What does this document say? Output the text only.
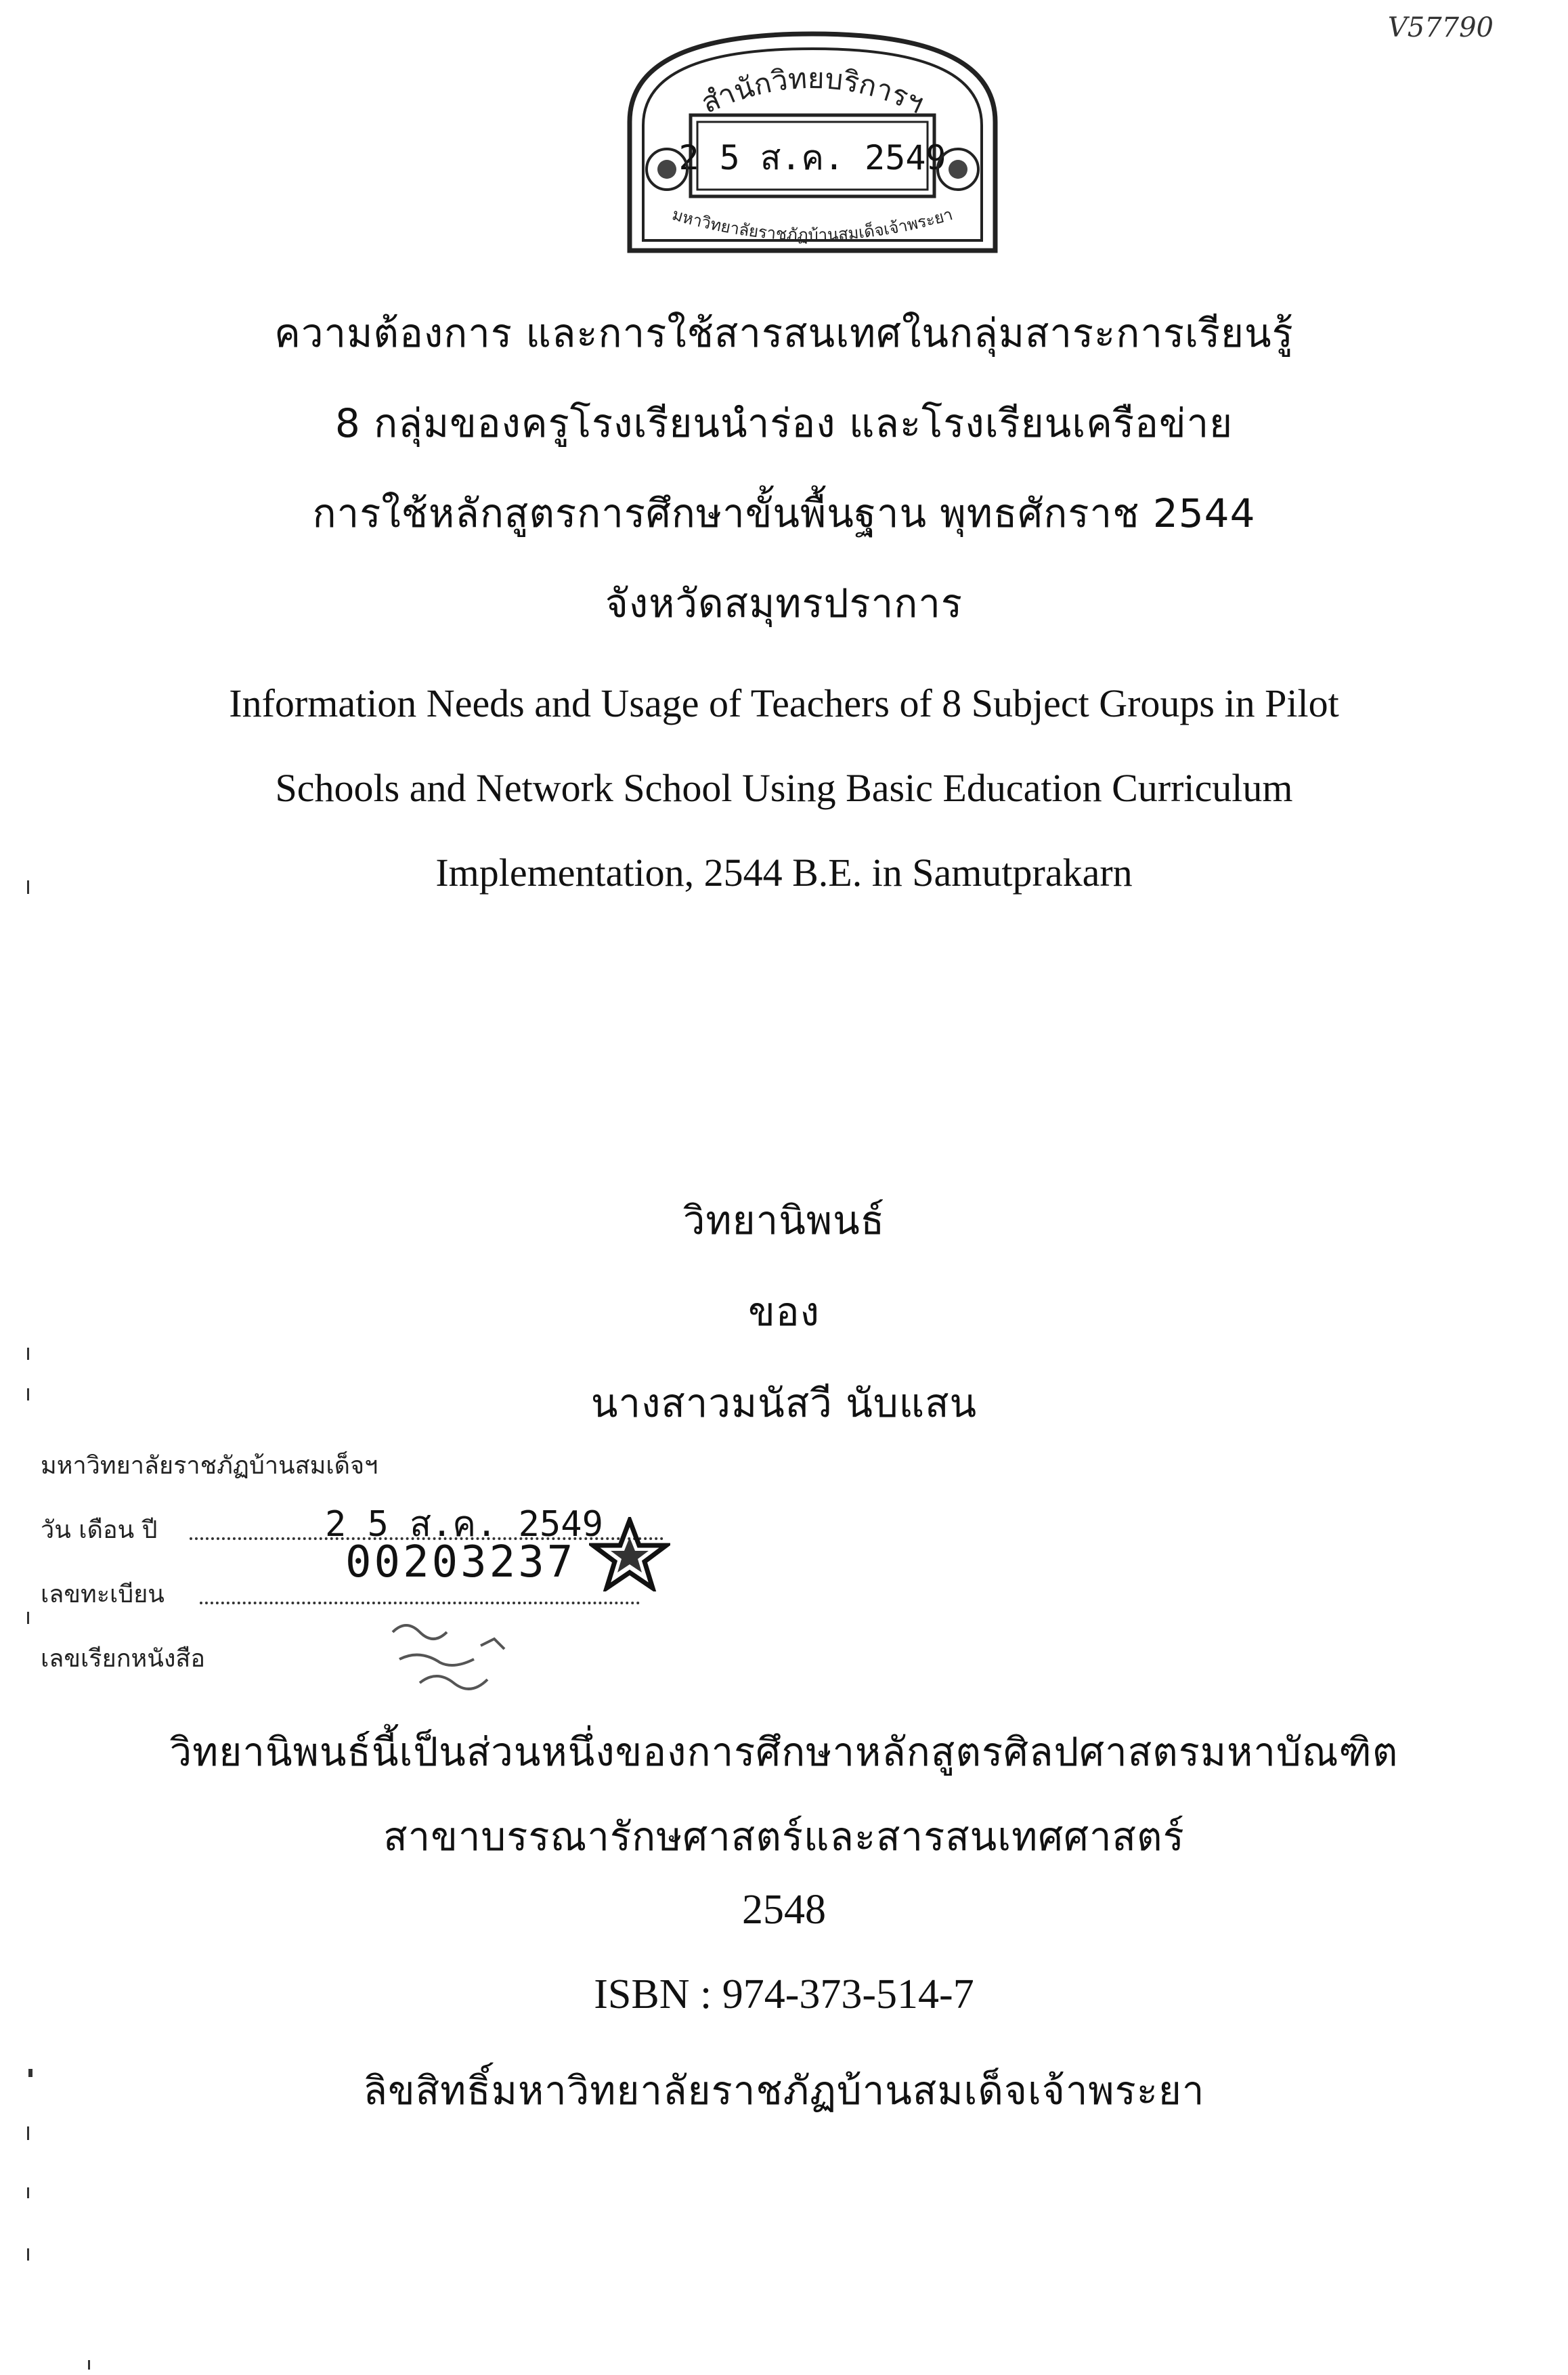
V57790
สำนักวิทยบริการฯ
2 5 ส.ค. 2549
มหาวิทยาลัยราชภัฏบ้านสมเด็จเจ้าพระยา
ความต้องการ และการใช้สารสนเทศในกลุ่มสาระการเรียนรู้
8 กลุ่มของครูโรงเรียนนำร่อง และโรงเรียนเครือข่าย
การใช้หลักสูตรการศึกษาขั้นพื้นฐาน พุทธศักราช 2544
จังหวัดสมุทรปราการ
Information Needs and Usage of Teachers of 8 Subject Groups in Pilot
Schools and Network School Using Basic Education Curriculum
Implementation, 2544 B.E. in Samutprakarn
วิทยานิพนธ์
ของ
นางสาวมนัสวี นับแสน
มหาวิทยาลัยราชภัฏบ้านสมเด็จฯ
วัน เดือน ปี	2 5 ส.ค. 2549
เลขทะเบียน
00203237
เลขเรียกหนังสือ
วิทยานิพนธ์นี้เป็นส่วนหนึ่งของการศึกษาหลักสูตรศิลปศาสตรมหาบัณฑิต
สาขาบรรณารักษศาสตร์และสารสนเทศศาสตร์
2548
ISBN : 974-373-514-7
ลิขสิทธิ์มหาวิทยาลัยราชภัฏบ้านสมเด็จเจ้าพระยา
